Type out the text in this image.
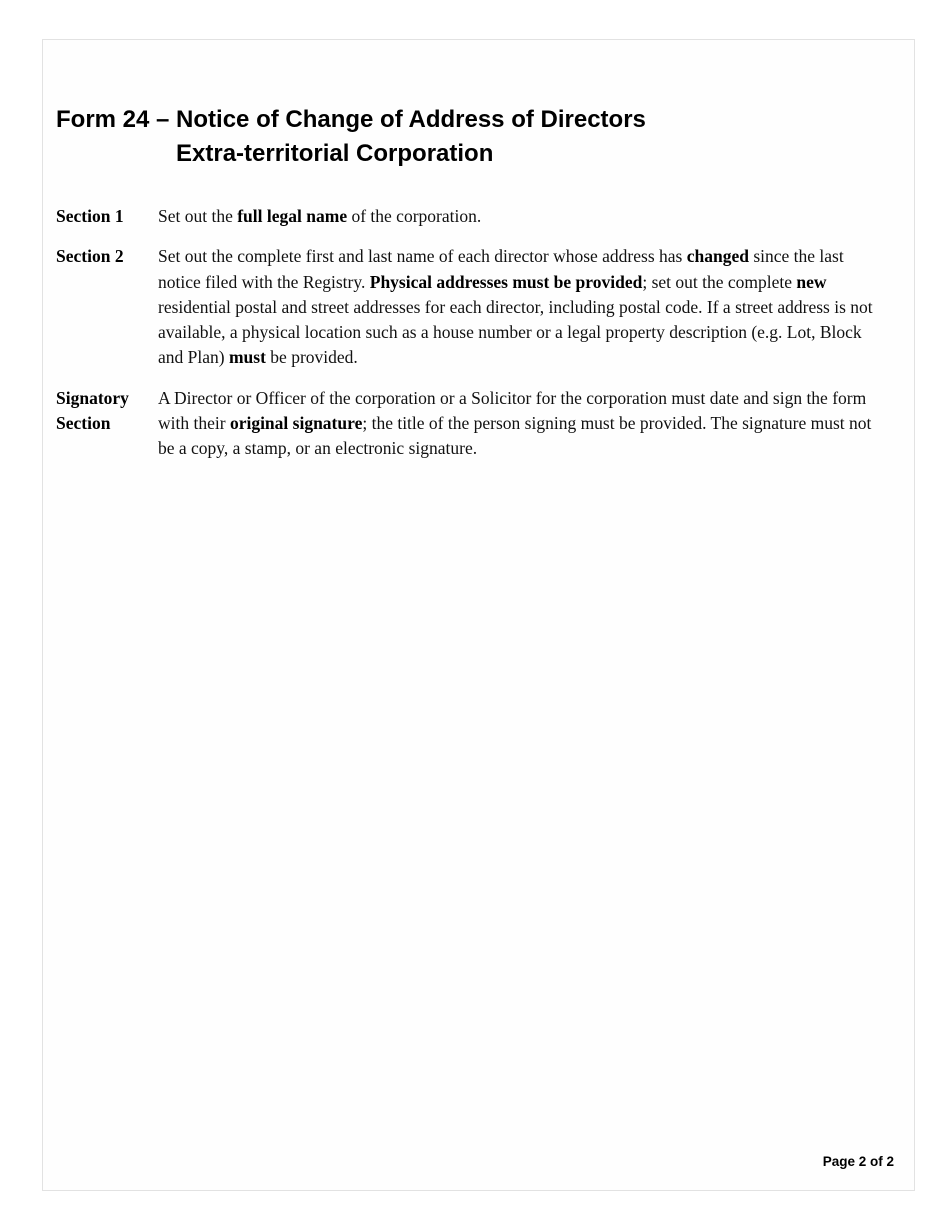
Form 24 – Notice of Change of Address of Directors
Extra-territorial Corporation
Section 1	Set out the full legal name of the corporation.
Section 2	Set out the complete first and last name of each director whose address has changed since the last notice filed with the Registry. Physical addresses must be provided; set out the complete new residential postal and street addresses for each director, including postal code. If a street address is not available, a physical location such as a house number or a legal property description (e.g. Lot, Block and Plan) must be provided.
Signatory
Section
A Director or Officer of the corporation or a Solicitor for the corporation must date and sign the form with their original signature; the title of the person signing must be provided. The signature must not be a copy, a stamp, or an electronic signature.
Page 2 of 2
